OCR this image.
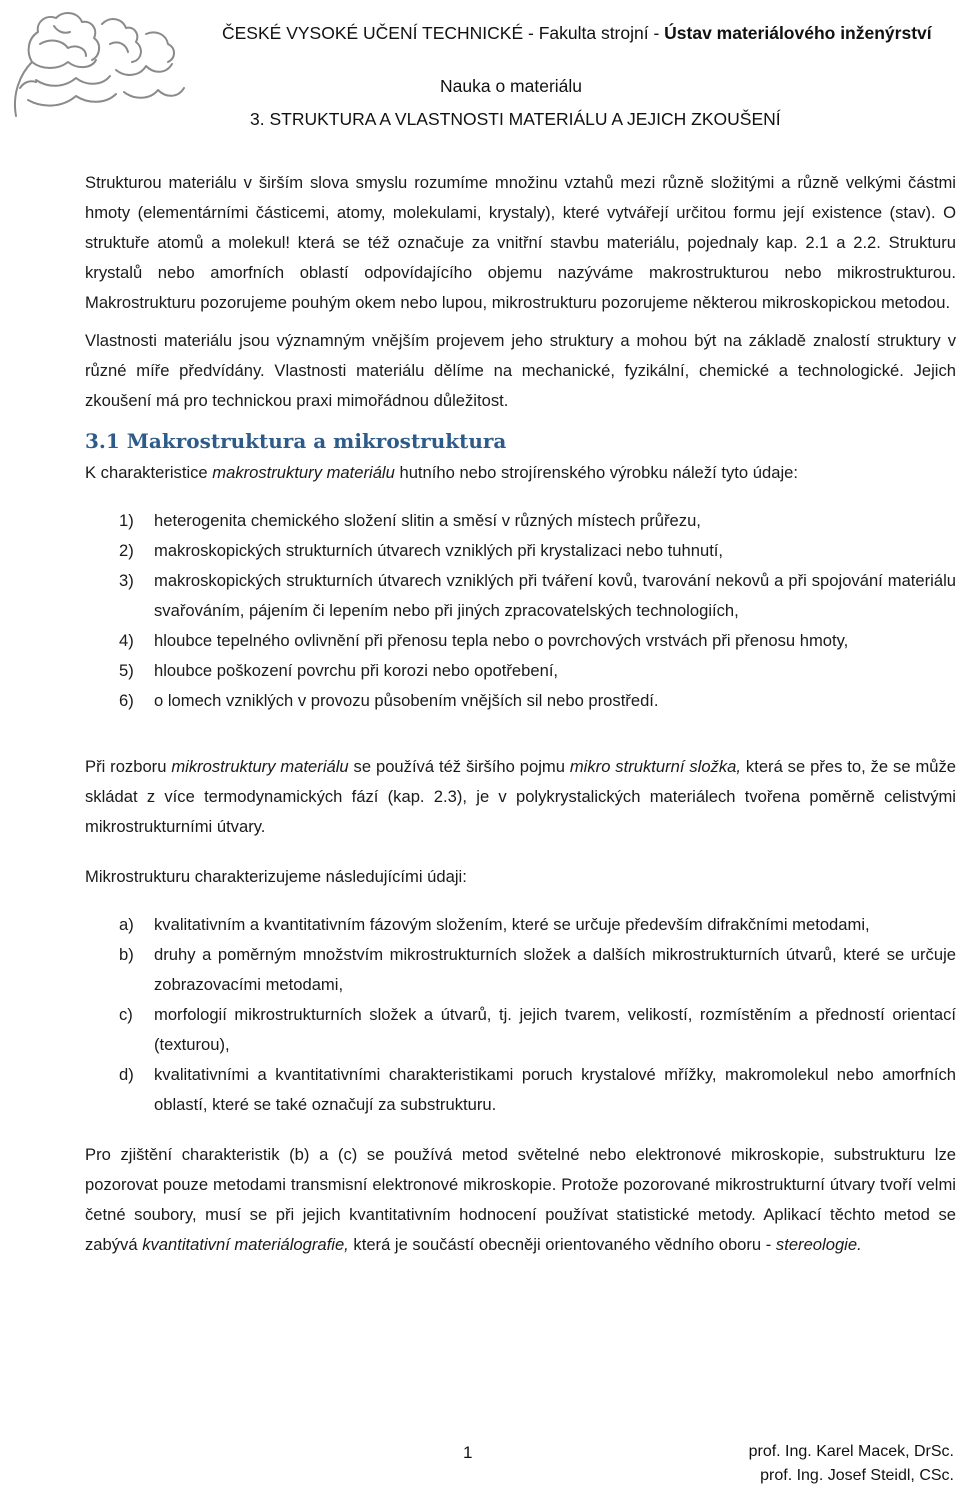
ČESKÉ VYSOKÉ UČENÍ TECHNICKÉ - Fakulta strojní - Ústav materiálového inženýrství
Nauka o materiálu
3. STRUKTURA A VLASTNOSTI MATERIÁLU A JEJICH ZKOUŠENÍ

Strukturou materiálu v širším slova smyslu rozumíme množinu vztahů mezi různě složitými a různě velkými částmi hmoty (elementárními částicemi, atomy, molekulami, krystaly), které vytvářejí určitou formu její existence (stav). O struktuře atomů a molekul! která se též označuje za vnitřní stavbu materiálu, pojednaly kap. 2.1 a 2.2. Strukturu krystalů nebo amorfních oblastí odpovídajícího objemu nazýváme makrostrukturou nebo mikrostrukturou. Makrostrukturu pozorujeme pouhým okem nebo lupou, mikrostrukturu pozorujeme některou mikroskopickou metodou.

Vlastnosti materiálu jsou významným vnějším projevem jeho struktury a mohou být na základě znalostí struktury v různé míře předvídány. Vlastnosti materiálu dělíme na mechanické, fyzikální, chemické a technologické. Jejich zkoušení má pro technickou praxi mimořádnou důležitost.

3.1 Makrostruktura a mikrostruktura

K charakteristice makrostruktury materiálu hutního nebo strojírenského výrobku náleží tyto údaje:

1) heterogenita chemického složení slitin a směsí v různých místech průřezu,
2) makroskopických strukturních útvarech vzniklých při krystalizaci nebo tuhnutí,
3) makroskopických strukturních útvarech vzniklých při tváření kovů, tvarování nekovů a při spojování materiálu svařováním, pájením či lepením nebo při jiných zpracovatelských technologiích,
4) hloubce tepelného ovlivnění při přenosu tepla nebo o povrchových vrstvách při přenosu hmoty,
5) hloubce poškození povrchu při korozi nebo opotřebení,
6) o lomech vzniklých v provozu působením vnějších sil nebo prostředí.

Při rozboru mikrostruktury materiálu se používá též širšího pojmu mikro strukturní složka, která se přes to, že se může skládat z více termodynamických fází (kap. 2.3), je v polykrystalických materiálech tvořena poměrně celistvými mikrostrukturními útvary.

Mikrostrukturu charakterizujeme následujícími údaji:

a) kvalitativním a kvantitativním fázovým složením, které se určuje především difrakčními metodami,
b) druhy a poměrným množstvím mikrostrukturních složek a dalších mikrostrukturních útvarů, které se určuje zobrazovacími metodami,
c) morfologií mikrostrukturních složek a útvarů, tj. jejich tvarem, velikostí, rozmístěním a předností orientací (texturou),
d) kvalitativními a kvantitativními charakteristikami poruch krystalové mřížky, makromolekul nebo amorfních oblastí, které se také označují za substrukturu.

Pro zjištění charakteristik (b) a (c) se používá metod světelné nebo elektronové mikroskopie, substrukturu lze pozorovat pouze metodami transmisní elektronové mikroskopie. Protože pozorované mikrostrukturní útvary tvoří velmi četné soubory, musí se při jejich kvantitativním hodnocení používat statistické metody. Aplikací těchto metod se zabývá kvantitativní materiálografie, která je součástí obecněji orientovaného vědního oboru - stereologie.

1	prof. Ing. Karel Macek, DrSc.
prof. Ing. Josef Steidl, CSc.
